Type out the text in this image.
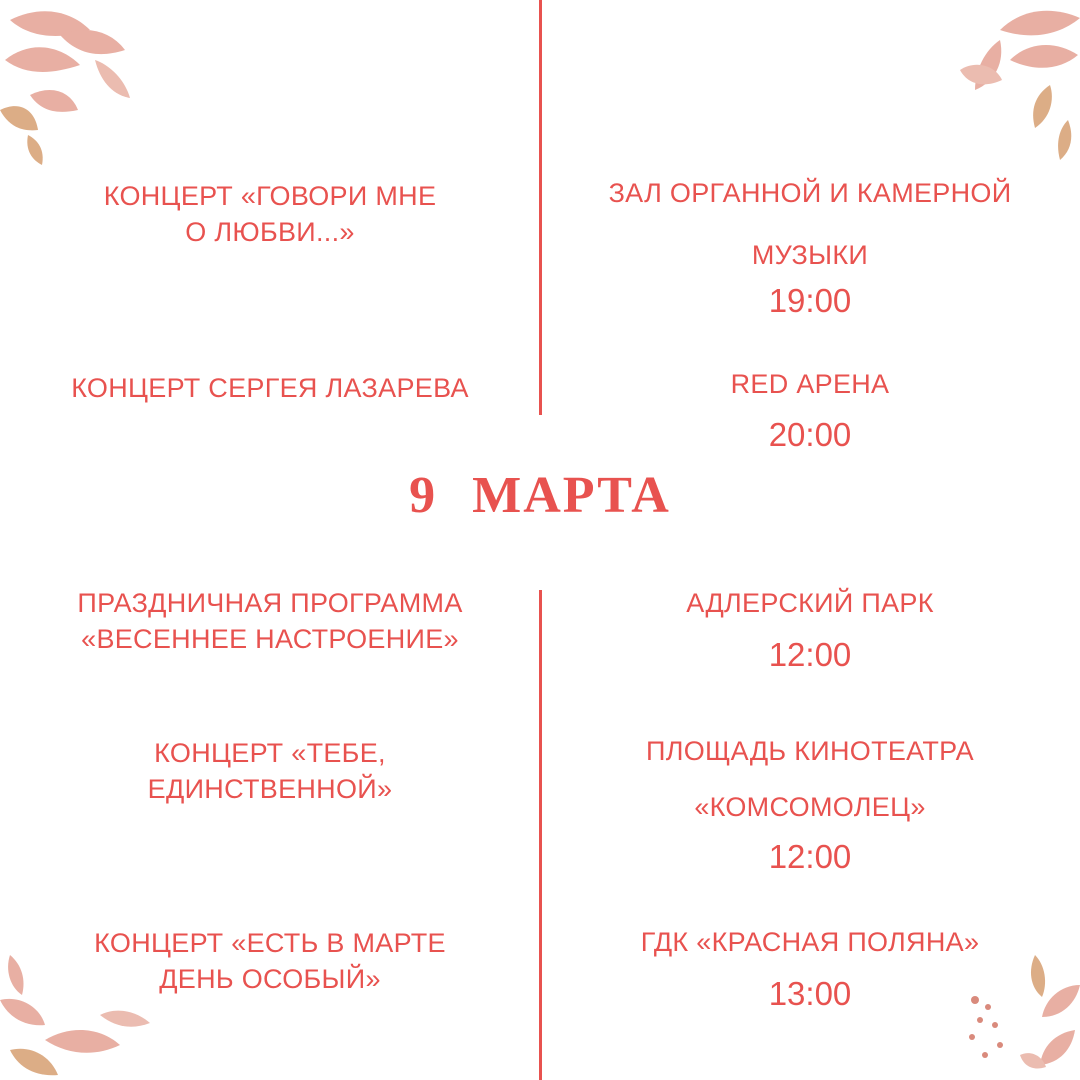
КОНЦЕРТ «ГОВОРИ МНЕ
О ЛЮБВИ...»
ЗАЛ ОРГАННОЙ И КАМЕРНОЙ
МУЗЫКИ
19:00
КОНЦЕРТ СЕРГЕЯ ЛАЗАРЕВА	RED АРЕНА
20:00
9 МАРТА
ПРАЗДНИЧНАЯ ПРОГРАММА
«ВЕСЕННЕЕ НАСТРОЕНИЕ»
АДЛЕРСКИЙ ПАРК
12:00
КОНЦЕРТ «ТЕБЕ,
ЕДИНСТВЕННОЙ»
ПЛОЩАДЬ КИНОТЕАТРА
«КОМСОМОЛЕЦ»
12:00
КОНЦЕРТ «ЕСТЬ В МАРТЕ
ДЕНЬ ОСОБЫЙ»
ГДК «КРАСНАЯ ПОЛЯНА»
13:00
